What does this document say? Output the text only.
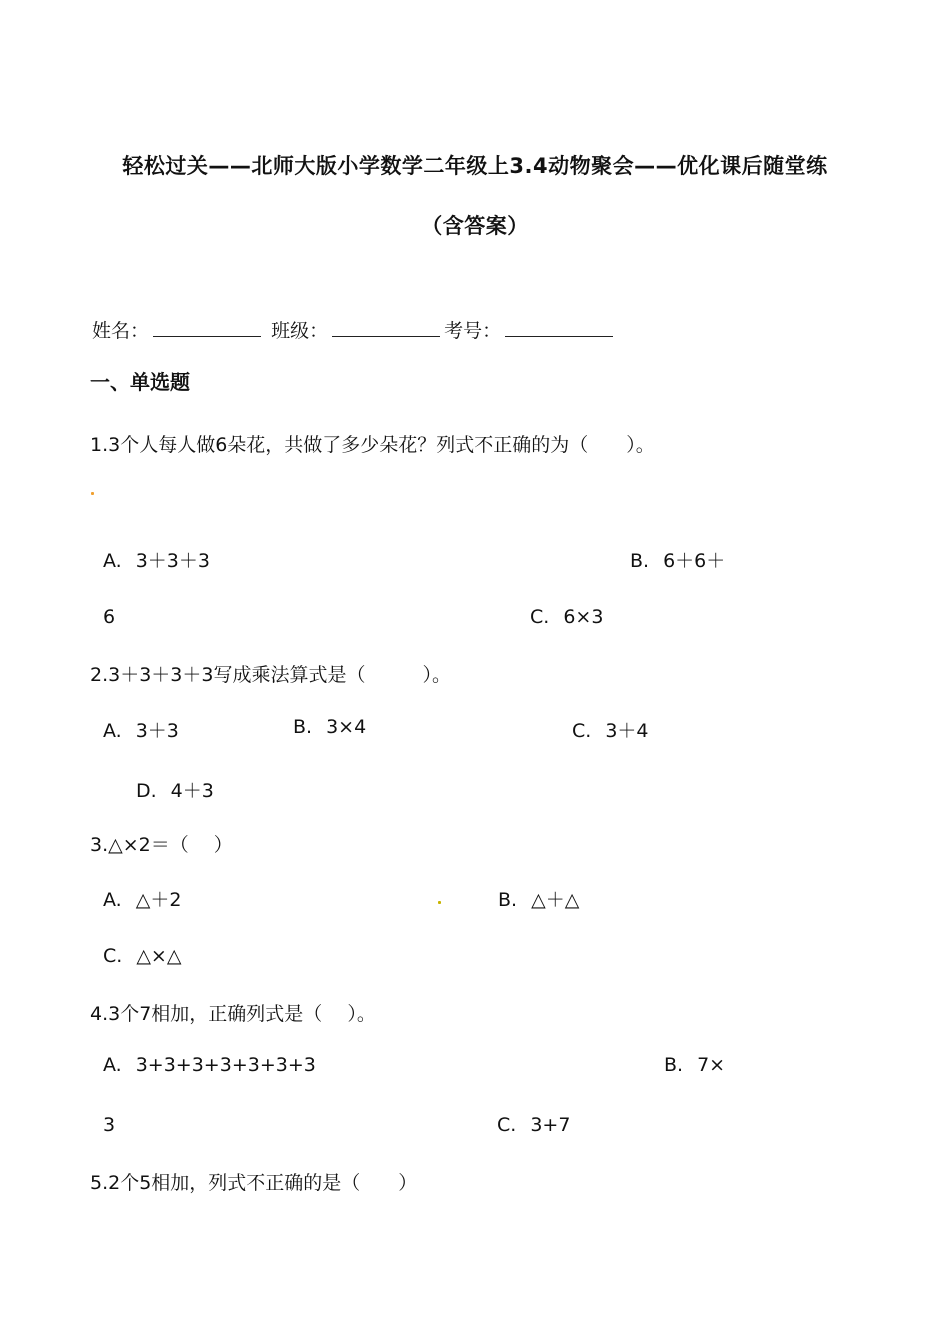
轻松过关——北师大版小学数学二年级上3.4动物聚会——优化课后随堂练
（含答案）
姓名：	班级：	考号：
一、单选题
1.3个人每人做6朵花，共做了多少朵花？列式不正确的为（　　）。
A. 3＋3＋3	B. 6＋6＋
6	C. 6×3
2.3＋3＋3＋3写成乘法算式是（　　　）。
A. 3＋3	B. 3×4	C. 3＋4
D. 4＋3
3.△×2＝（　 ）
A. △＋2	B. △＋△
C. △×△
4.3个7相加，正确列式是（　 ）。
A. 3+3+3+3+3+3+3	B. 7×
3	C. 3+7
5.2个5相加，列式不正确的是（　　）
